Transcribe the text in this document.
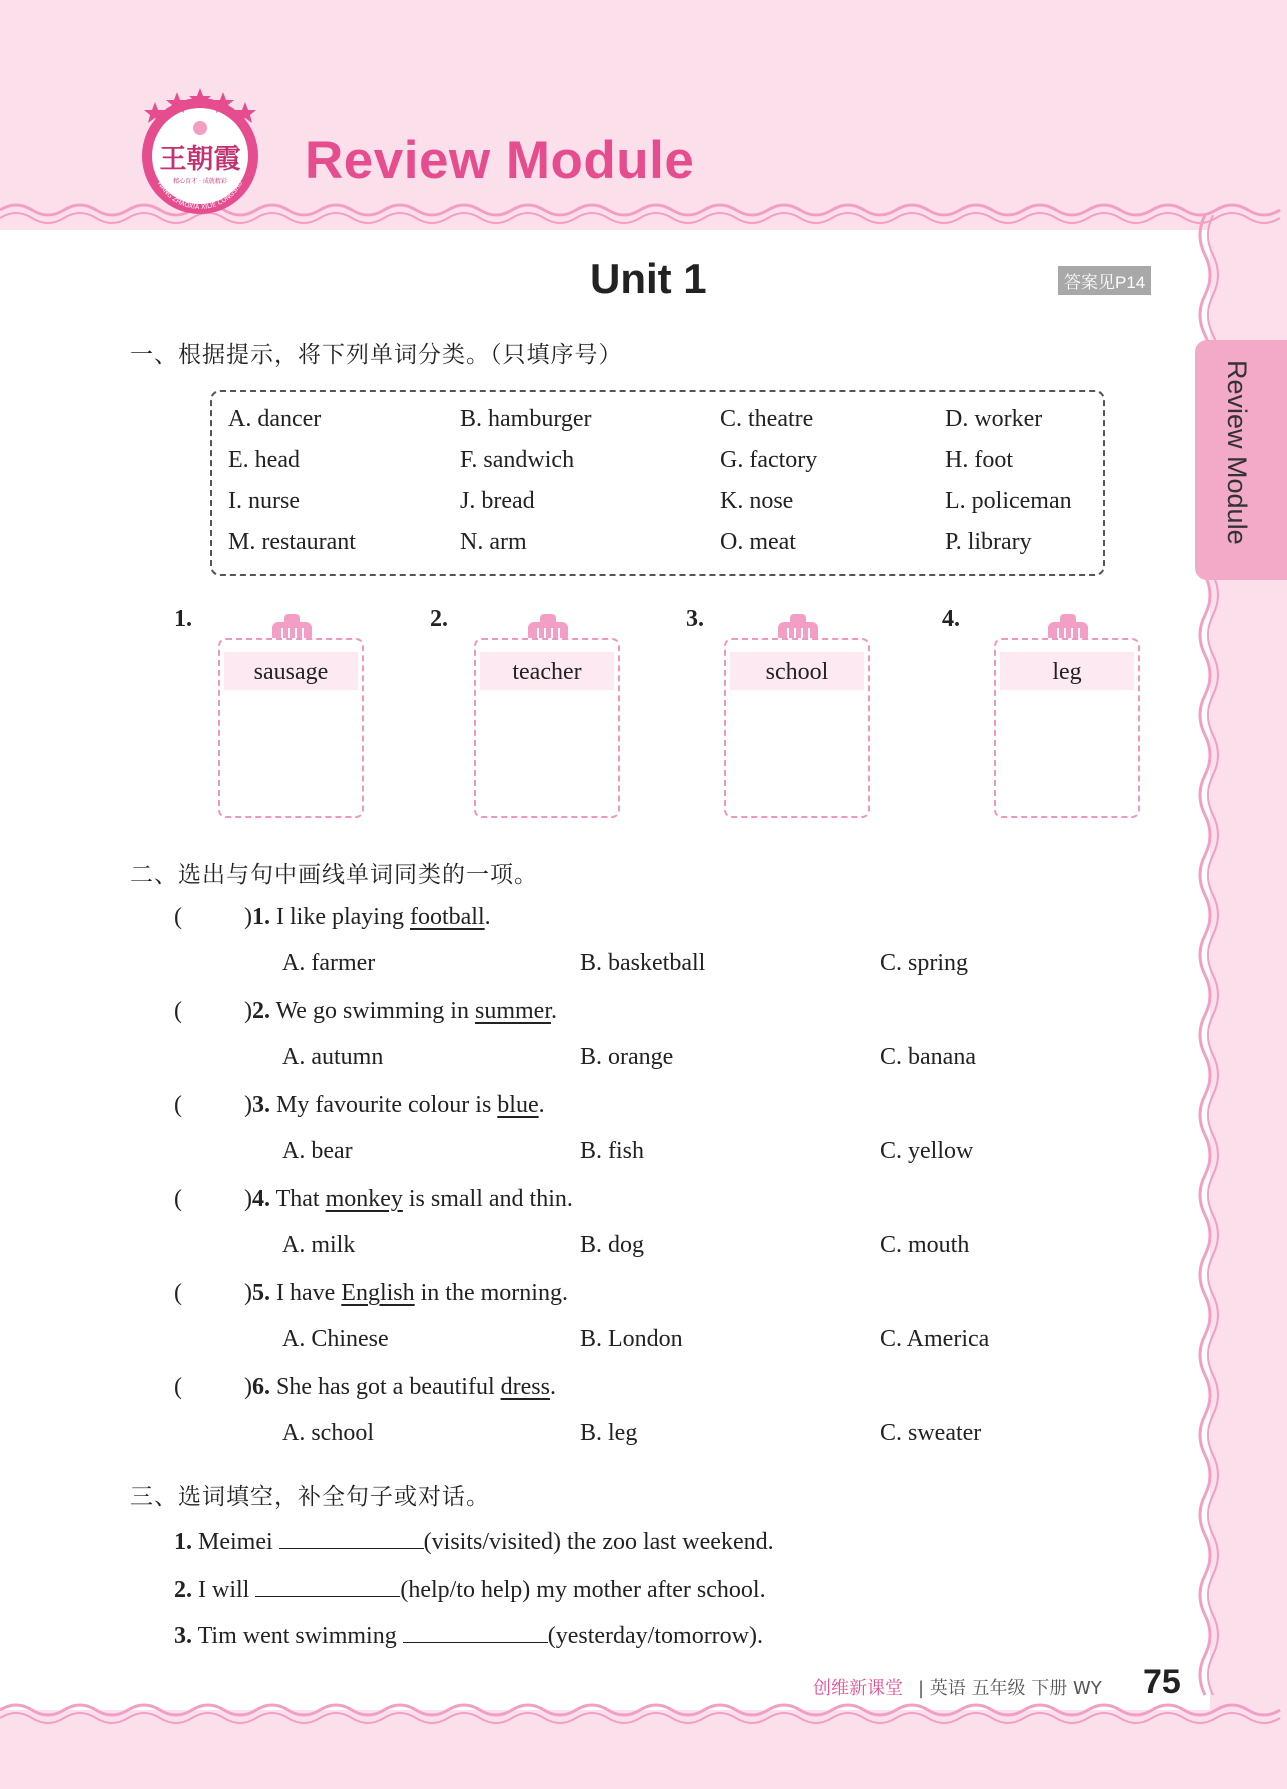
王朝霞
精心育才 · 成就精彩
WANG ZHAOXIA XILIE CONGSHU Review Module
Review Module
Unit 1	答案见P14
一、根据提示，将下列单词分类。（只填序号）
A. dancer	B. hamburger	C. theatre	D. worker
E. head	F. sandwich	G. factory	H. foot
I. nurse	J. bread	K. nose	L. policeman
M. restaurant	N. arm	O. meat	P. library
1.
sausage
2.
teacher
3.
school
4.
leg
二、选出与句中画线单词同类的一项。
(	)1. I like playing football.
A. farmer	B. basketball	C. spring
(	)2. We go swimming in summer.
A. autumn	B. orange	C. banana
(	)3. My favourite colour is blue.
A. bear	B. fish	C. yellow
(	)4. That monkey is small and thin.
A. milk	B. dog	C. mouth
(	)5. I have English in the morning.
A. Chinese	B. London	C. America
(	)6. She has got a beautiful dress.
A. school	B. leg	C. sweater
三、选词填空，补全句子或对话。
1. Meimei	(visits/visited) the zoo last weekend.
2. I will	(help/to help) my mother after school.
3. Tim went swimming	(yesterday/tomorrow).
创维新课堂 | 英语 五年级 下册 WY 75
